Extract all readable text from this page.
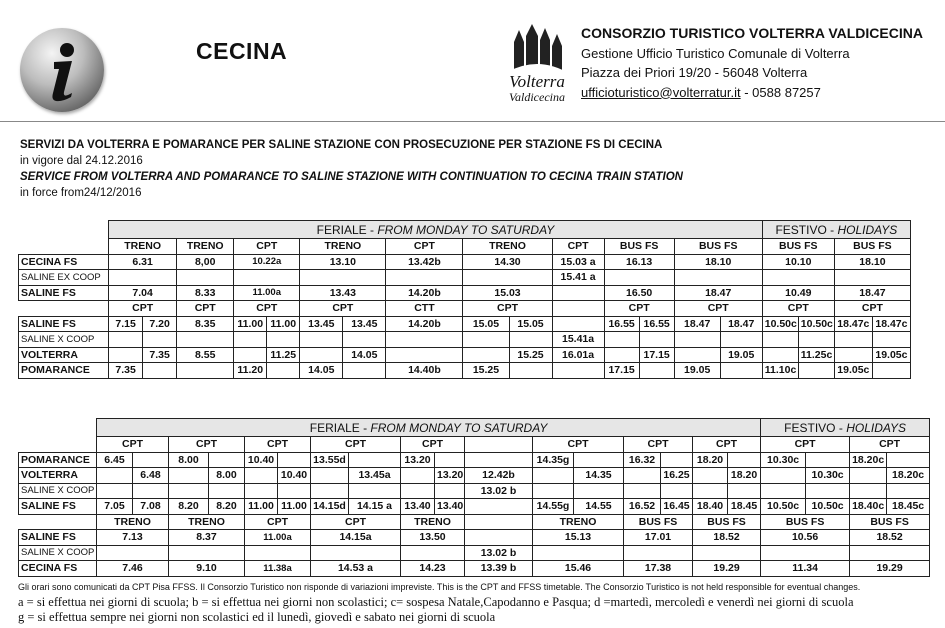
CECINA
Volterra
Valdicecina
CONSORZIO TURISTICO VOLTERRA VALDICECINA
Gestione Ufficio Turistico Comunale di Volterra
Piazza dei Priori 19/20 - 56048 Volterra
ufficioturistico@volterratur.it - 0588 87257
SERVIZI DA VOLTERRA E POMARANCE PER SALINE STAZIONE CON PROSECUZIONE PER STAZIONE FS DI CECINA
in vigore dal 24.12.2016
SERVICE FROM VOLTERRA AND POMARANCE TO SALINE STAZIONE WITH CONTINUATION TO CECINA TRAIN STATION
in force from24/12/2016
	FERIALE - FROM MONDAY TO SATURDAY															FESTIVO - HOLIDAYS			
	TRENO		TRENO	CPT		TRENO		CPT	TRENO		CPT	BUS FS		BUS FS		BUS FS		BUS FS	
CECINA FS	6.31		8,00	10.22a		13.10		13.42b	14.30		15.03 a	16.13		18.10		10.10		18.10	
SALINE EX COOP											15.41 a								
SALINE FS	7.04		8.33	11.00a		13.43		14.20b	15.03			16.50		18.47		10.49		18.47	
	CPT		CPT	CPT		CPT		CTT	CPT			CPT		CPT		CPT		CPT	
SALINE FS	7.15	7.20	8.35	11.00	11.00	13.45	13.45	14.20b	15.05	15.05		16.55	16.55	18.47	18.47	10.50c	10.50c	18.47c	18.47c
SALINE X COOP											15.41a								
VOLTERRA		7.35	8.55		11.25		14.05			15.25	16.01a		17.15		19.05		11.25c		19.05c
POMARANCE	7.35			11.20		14.05		14.40b	15.25			17.15		19.05		11.10c		19.05c	
	FERIALE - FROM MONDAY TO SATURDAY																	FESTIVO - HOLIDAYS			
	CPT		CPT		CPT		CPT		CPT			CPT		CPT		CPT		CPT		CPT	
POMARANCE	6.45		8.00		10.40		13.55d		13.20			14.35g		16.32		18.20		10.30c		18.20c	
VOLTERRA		6.48		8.00		10.40		13.45a		13.20	12.42b		14.35		16.25		18.20		10.30c		18.20c
SALINE X COOP											13.02 b										
SALINE FS	7.05	7.08	8.20	8.20	11.00	11.00	14.15d	14.15 a	13.40	13.40		14.55g	14.55	16.52	16.45	18.40	18.45	10.50c	10.50c	18.40c	18.45c
	TRENO		TRENO		CPT		CPT		TRENO			TRENO		BUS FS		BUS FS		BUS FS		BUS FS	
SALINE FS	7.13		8.37		11.00a		14.15a		13.50			15.13		17.01		18.52		10.56		18.52	
SALINE X COOP											13.02 b										
CECINA FS	7.46		9.10		11.38a		14.53 a		14.23		13.39 b	15.46		17.38		19.29		11.34		19.29	
Gli orari sono comunicati da CPT Pisa FFSS. Il Consorzio Turistico non risponde di variazioni impreviste. This is the CPT and FFSS timetable. The Consorzio Turistico is not held responsible for eventual changes.
a = si effettua nei giorni di scuola; b = si effettua nei giorni non scolastici; c= sospesa Natale,Capodanno e Pasqua; d =martedì, mercoledì e venerdì nei giorni di scuola
g = si effettua sempre nei giorni non scolastici ed il lunedì, giovedì e sabato nei giorni di scuola
